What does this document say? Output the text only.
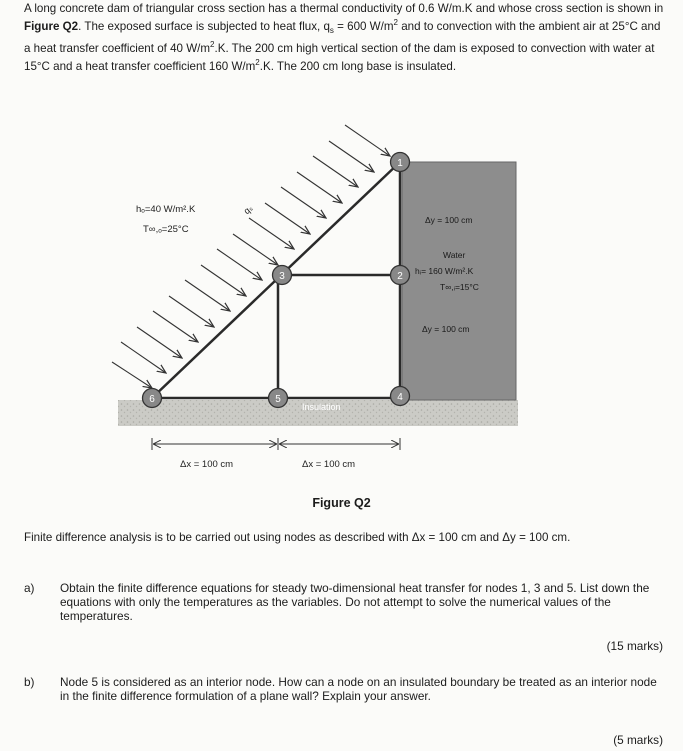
A long concrete dam of triangular cross section has a thermal conductivity of 0.6 W/m.K and whose cross section is shown in Figure Q2. The exposed surface is subjected to heat flux, $q_s = 600$ $W/m^2$ and to convection with the ambient air at 25°C and a heat transfer coefficient of 40 $W/m^2.K$. The 200 cm high vertical section of the dam is exposed to convection with water at 15°C and a heat transfer coefficient 160 $W/m^2.K$. The 200 cm long base is insulated.
1
2
3
4
5
6
hₒ=40 W/m².K
T∞,ₒ=25°C
qₛ
Δy = 100 cm
Water
hᵢ= 160 W/m².K
T∞,ᵢ=15°C
Δy = 100 cm
Insulation
Δx = 100 cm	Δx = 100 cm
Figure Q2
Finite difference analysis is to be carried out using nodes as described with Δx = 100 cm and Δy = 100 cm.
a) Obtain the finite difference equations for steady two-dimensional heat transfer for nodes 1, 3 and 5. List down the equations with only the temperatures as the variables. Do not attempt to solve the numerical values of the temperatures.
(15 marks)
b) Node 5 is considered as an interior node. How can a node on an insulated boundary be treated as an interior node in the finite difference formulation of a plane wall? Explain your answer.
(5 marks)
